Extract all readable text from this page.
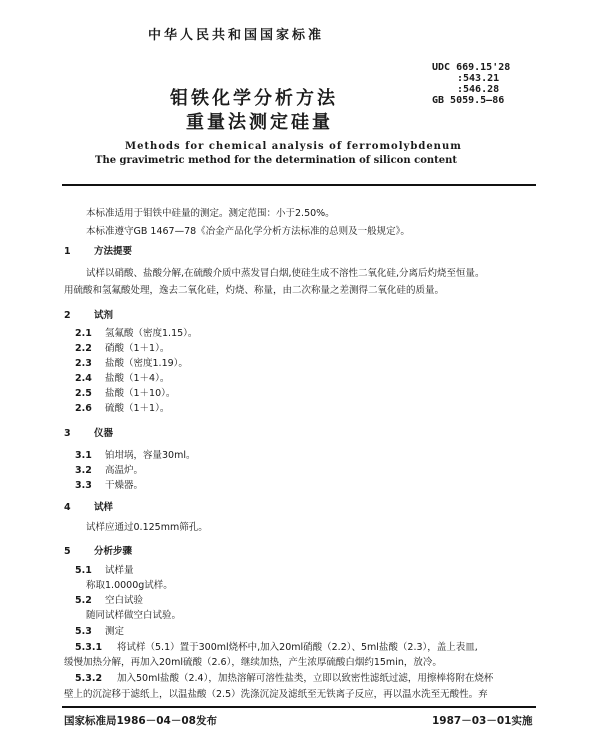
中华人民共和国国家标准
钼铁化学分析方法
重量法测定硅量
UDC 669.15'28
:543.21
:546.28
GB 5059.5—86
Methods for chemical analysis of ferromolybdenum
The gravimetric method for the determination of silicon content
本标准适用于钼铁中硅量的测定。测定范围：小于2.50%。
本标准遵守GB 1467—78《冶金产品化学分析方法标准的总则及一般规定》。
1 方法提要
试样以硝酸、盐酸分解,在硫酸介质中蒸发冒白烟,使硅生成不溶性二氧化硅,分离后灼烧至恒量。
用硫酸和氢氟酸处理，逸去二氧化硅，灼烧、称量，由二次称量之差测得二氧化硅的质量。
2 试剂
2.1 氢氟酸（密度1.15）。
2.2 硝酸（1＋1）。
2.3 盐酸（密度1.19）。
2.4 盐酸（1＋4）。
2.5 盐酸（1＋10）。
2.6 硫酸（1＋1）。
3 仪器
3.1 铂坩埚，容量30ml。
3.2 高温炉。
3.3 干燥器。
4 试样
试样应通过0.125mm筛孔。
5 分析步骤
5.1 试样量
称取1.0000g试样。
5.2 空白试验
随同试样做空白试验。
5.3 测定
5.3.1 将试样（5.1）置于300ml烧杯中,加入20ml硝酸（2.2）、5ml盐酸（2.3），盖上表皿,
缓慢加热分解，再加入20ml硫酸（2.6），继续加热，产生浓厚硫酸白烟约15min，放冷。
5.3.2 加入50ml盐酸（2.4），加热溶解可溶性盐类，立即以致密性滤纸过滤，用擦棒将附在烧杯
壁上的沉淀移于滤纸上，以温盐酸（2.5）洗涤沉淀及滤纸至无铁离子反应，再以温水洗至无酸性。弃
国家标准局1986－04－08发布	1987－03－01实施
